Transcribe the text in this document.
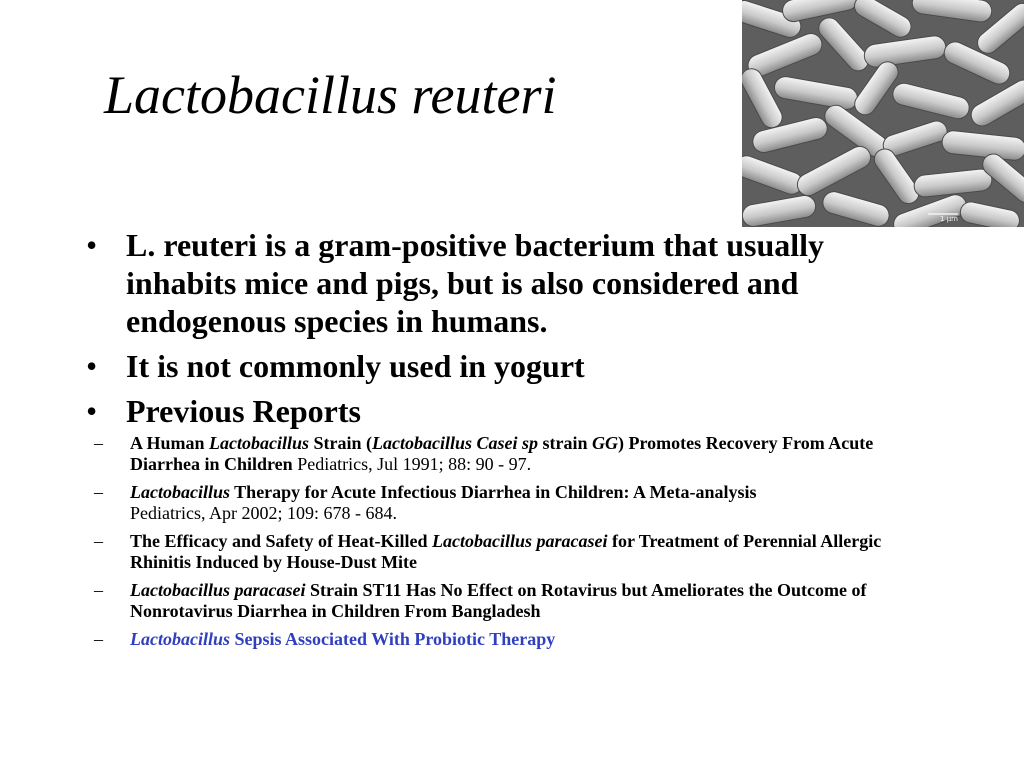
Lactobacillus reuteri
1 µm
• L. reuteri is a gram-positive bacterium that usually inhabits mice and pigs, but is also considered and endogenous species in humans.
• It is not commonly used in yogurt
• Previous Reports
– A Human Lactobacillus Strain (Lactobacillus Casei sp strain GG) Promotes Recovery From Acute Diarrhea in Children Pediatrics, Jul 1991; 88: 90 - 97.
– Lactobacillus Therapy for Acute Infectious Diarrhea in Children: A Meta-analysis
Pediatrics, Apr 2002; 109: 678 - 684.
– The Efficacy and Safety of Heat-Killed Lactobacillus paracasei for Treatment of Perennial Allergic Rhinitis Induced by House-Dust Mite
– Lactobacillus paracasei Strain ST11 Has No Effect on Rotavirus but Ameliorates the Outcome of Nonrotavirus Diarrhea in Children From Bangladesh
– Lactobacillus Sepsis Associated With Probiotic Therapy
